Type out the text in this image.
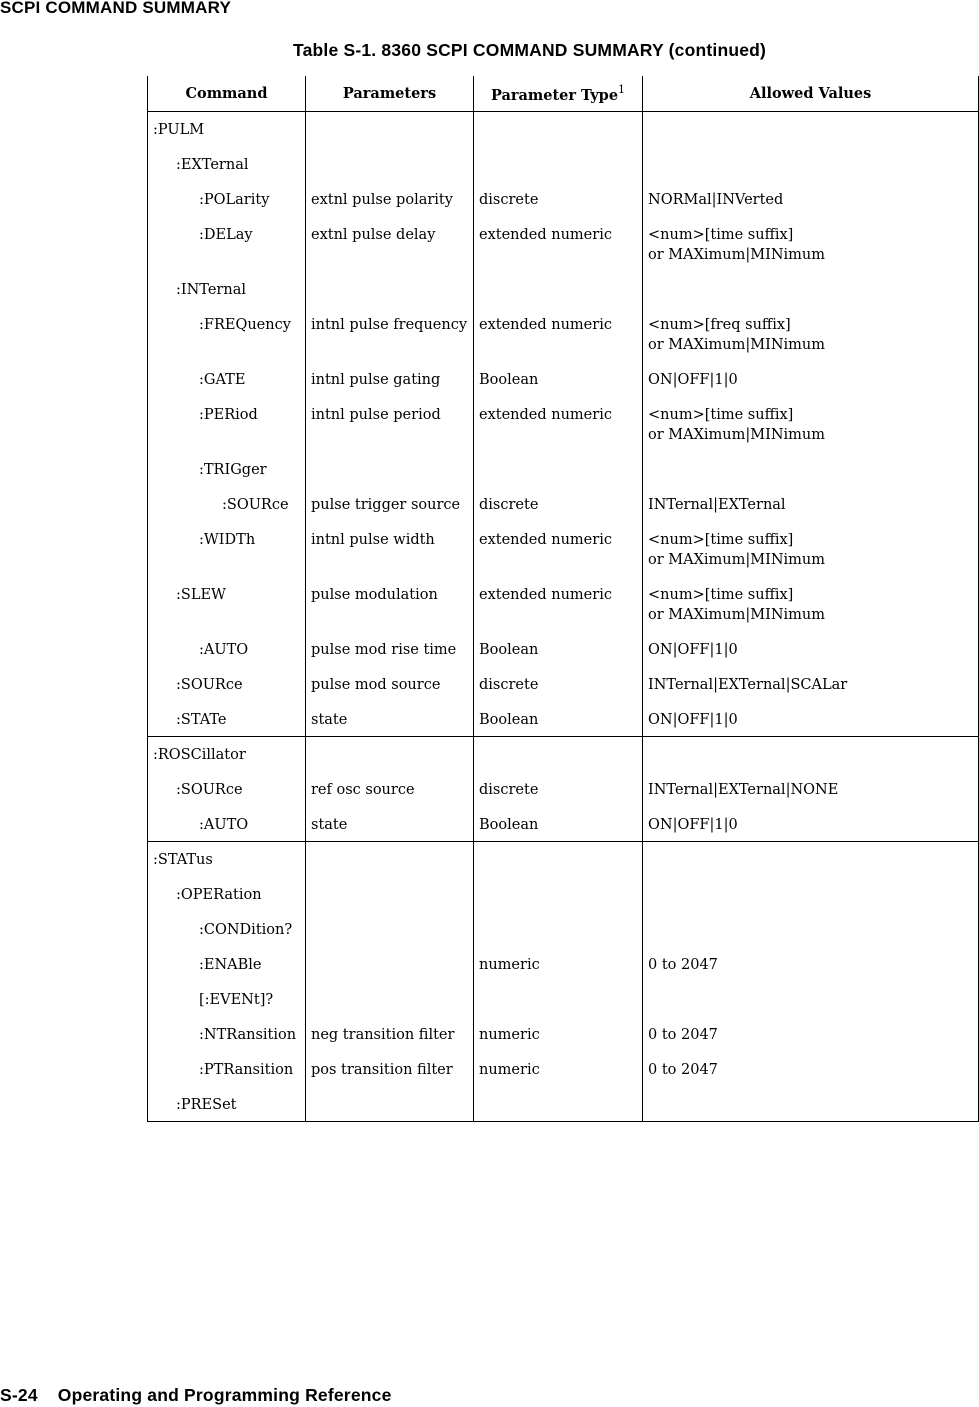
SCPI COMMAND SUMMARY
Table S-1. 8360 SCPI COMMAND SUMMARY (continued)
Command	Parameters	Parameter Type$^1$	Allowed Values
:PULM			

:EXTernal			

:POLarity	extnl pulse polarity	discrete	NORMal|INVerted

:DELay	extnl pulse delay	extended numeric	<num>[time suffix]
or MAXimum|MINimum

:INTernal			

:FREQuency	intnl pulse frequency	extended numeric	<num>[freq suffix]
or MAXimum|MINimum

:GATE	intnl pulse gating	Boolean	ON|OFF|1|0

:PERiod	intnl pulse period	extended numeric	<num>[time suffix]
or MAXimum|MINimum

:TRIGger			

:SOURce	pulse trigger source	discrete	INTernal|EXTernal

:WIDTh	intnl pulse width	extended numeric	<num>[time suffix]
or MAXimum|MINimum

:SLEW	pulse modulation	extended numeric	<num>[time suffix]
or MAXimum|MINimum

:AUTO	pulse mod rise time	Boolean	ON|OFF|1|0

:SOURce	pulse mod source	discrete	INTernal|EXTernal|SCALar

:STATe	state	Boolean	ON|OFF|1|0

:ROSCillator			

:SOURce	ref osc source	discrete	INTernal|EXTernal|NONE

:AUTO	state	Boolean	ON|OFF|1|0

:STATus			

:OPERation			

:CONDition?			

:ENABle		numeric	0 to 2047

[:EVENt]?			

:NTRansition	neg transition filter	numeric	0 to 2047

:PTRansition	pos transition filter	numeric	0 to 2047

:PRESet			
S-24 Operating and Programming Reference
